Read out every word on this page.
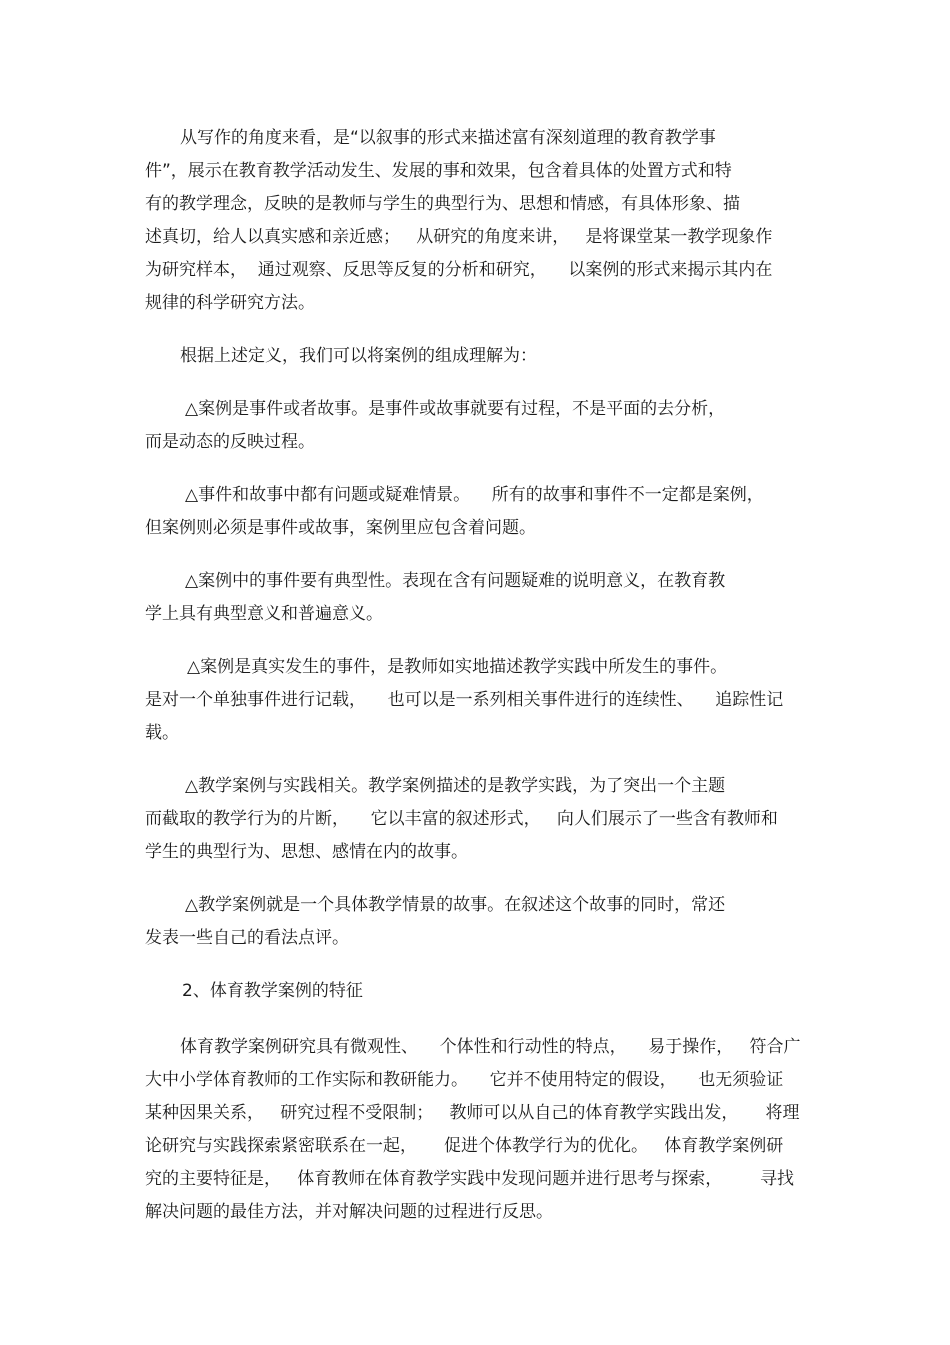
从写作的角度来看，是“以叙事的形式来描述富有深刻道理的教育教学事

件”，展示在教育教学活动发生、发展的事和效果，包含着具体的处置方式和特

有的教学理念，反映的是教师与学生的典型行为、思想和情感，有具体形象、描

述真切，给人以真实感和亲近感；   从研究的角度来讲，   是将课堂某一教学现象作

为研究样本，  通过观察、反思等反复的分析和研究，    以案例的形式来揭示其内在

规律的科学研究方法。

根据上述定义，我们可以将案例的组成理解为：

△案例是事件或者故事。是事件或故事就要有过程，不是平面的去分析，

而是动态的反映过程。

△事件和故事中都有问题或疑难情景。    所有的故事和事件不一定都是案例，

但案例则必须是事件或故事，案例里应包含着问题。

△案例中的事件要有典型性。表现在含有问题疑难的说明意义，在教育教

学上具有典型意义和普遍意义。

△案例是真实发生的事件，是教师如实地描述教学实践中所发生的事件。

是对一个单独事件进行记载，    也可以是一系列相关事件进行的连续性、    追踪性记

载。

△教学案例与实践相关。教学案例描述的是教学实践，为了突出一个主题

而截取的教学行为的片断，    它以丰富的叙述形式，   向人们展示了一些含有教师和

学生的典型行为、思想、感情在内的故事。

△教学案例就是一个具体教学情景的故事。在叙述这个故事的同时，常还

发表一些自己的看法点评。

2、体育教学案例的特征

体育教学案例研究具有微观性、    个体性和行动性的特点，    易于操作，   符合广

大中小学体育教师的工作实际和教研能力。    它并不使用特定的假设，    也无须验证

某种因果关系，   研究过程不受限制；   教师可以从自己的体育教学实践出发，     将理

论研究与实践探索紧密联系在一起，     促进个体教学行为的优化。   体育教学案例研

究的主要特征是，   体育教师在体育教学实践中发现问题并进行思考与探索，       寻找

解决问题的最佳方法，并对解决问题的过程进行反思。
